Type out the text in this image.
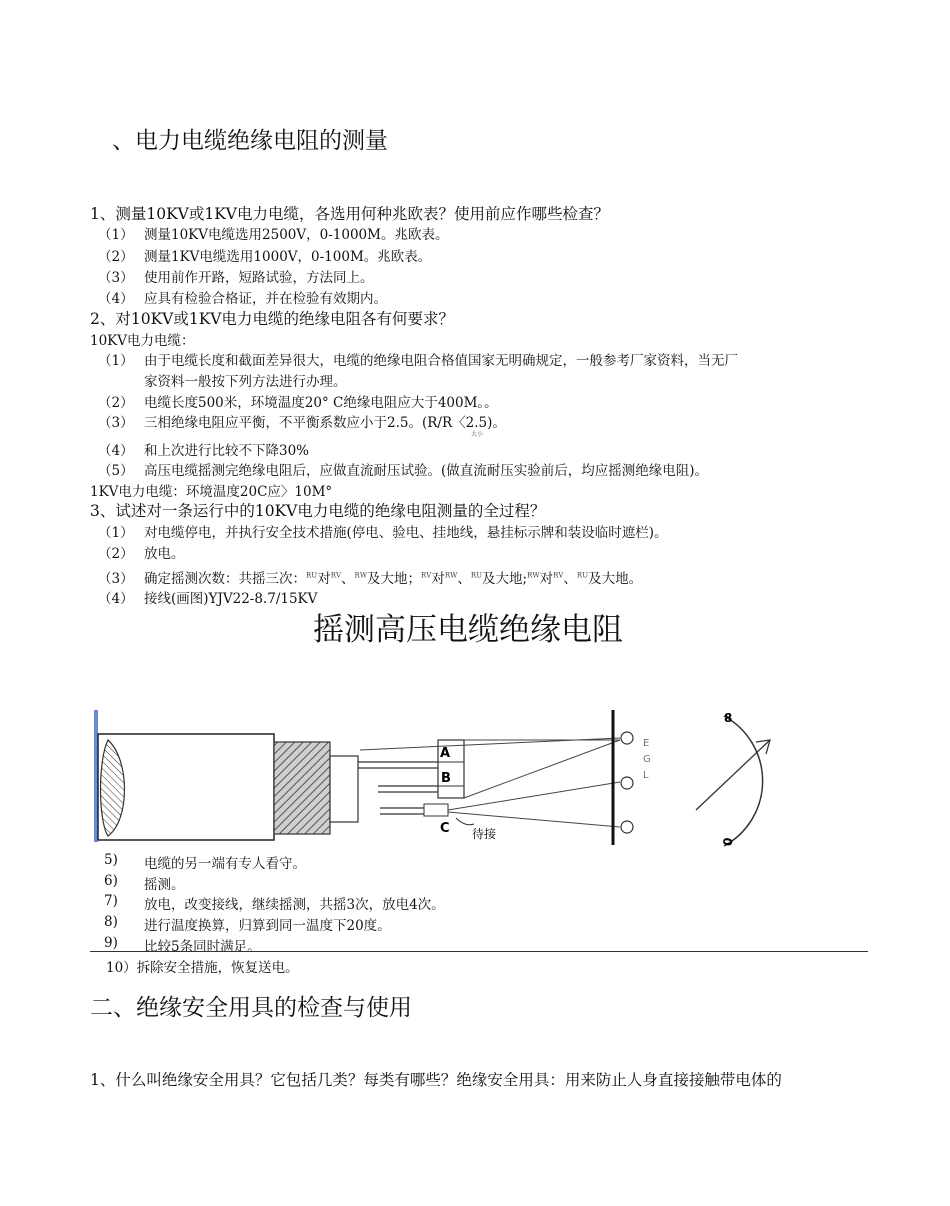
、电力电缆绝缘电阻的测量
1、测量10KV或1KV电力电缆，各选用何种兆欧表？使用前应作哪些检查？
（1） 测量10KV电缆选用2500V，0-1000M。兆欧表。
（2） 测量1KV电缆选用1000V，0-100M。兆欧表。
（3） 使用前作开路，短路试验，方法同上。
（4） 应具有检验合格证，并在检验有效期内。
2、对10KV或1KV电力电缆的绝缘电阻各有何要求？
10KV电力电缆：
（1） 由于电缆长度和截面差异很大，电缆的绝缘电阻合格值国家无明确规定，一般参考厂家资料，当无厂
家资料一般按下列方法进行办理。
（2） 电缆长度500米，环境温度20° C绝缘电阻应大于400M。。
（3） 三相绝缘电阻应平衡，不平衡系数应小于2.5。(R/R〈2.5)。
大小
（4） 和上次进行比较不下降30%
（5） 高压电缆摇测完绝缘电阻后，应做直流耐压试验。(做直流耐压实验前后，均应摇测绝缘电阻)。
1KV电力电缆：环境温度20C应〉10M°
3、试述对一条运行中的10KV电力电缆的绝缘电阻测量的全过程？
（1） 对电缆停电，并执行安全技术措施(停电、验电、挂地线，悬挂标示牌和装设临时遮栏)。
（2） 放电。
（3） 确定摇测次数：共摇三次：$^{RU}$对$^{RV}$、$^{RW}$及大地；$^{RV}$对$^{RW}$、$^{RU}$及大地;$^{RW}$对$^{RV}$、$^{RU}$及大地。
（4） 接线(画图)YJV22-8.7/15KV
摇测高压电缆绝缘电阻
A
B
C 待接
E
G
L
8
0
5) 电缆的另一端有专人看守。
6) 摇测。
7) 放电，改变接线，继续摇测，共摇3次，放电4次。
8) 进行温度换算，归算到同一温度下20度。
9) 比较5条同时满足。
10）拆除安全措施，恢复送电。
二、绝缘安全用具的检查与使用
1、什么叫绝缘安全用具？它包括几类？每类有哪些？绝缘安全用具：用来防止人身直接接触带电体的
